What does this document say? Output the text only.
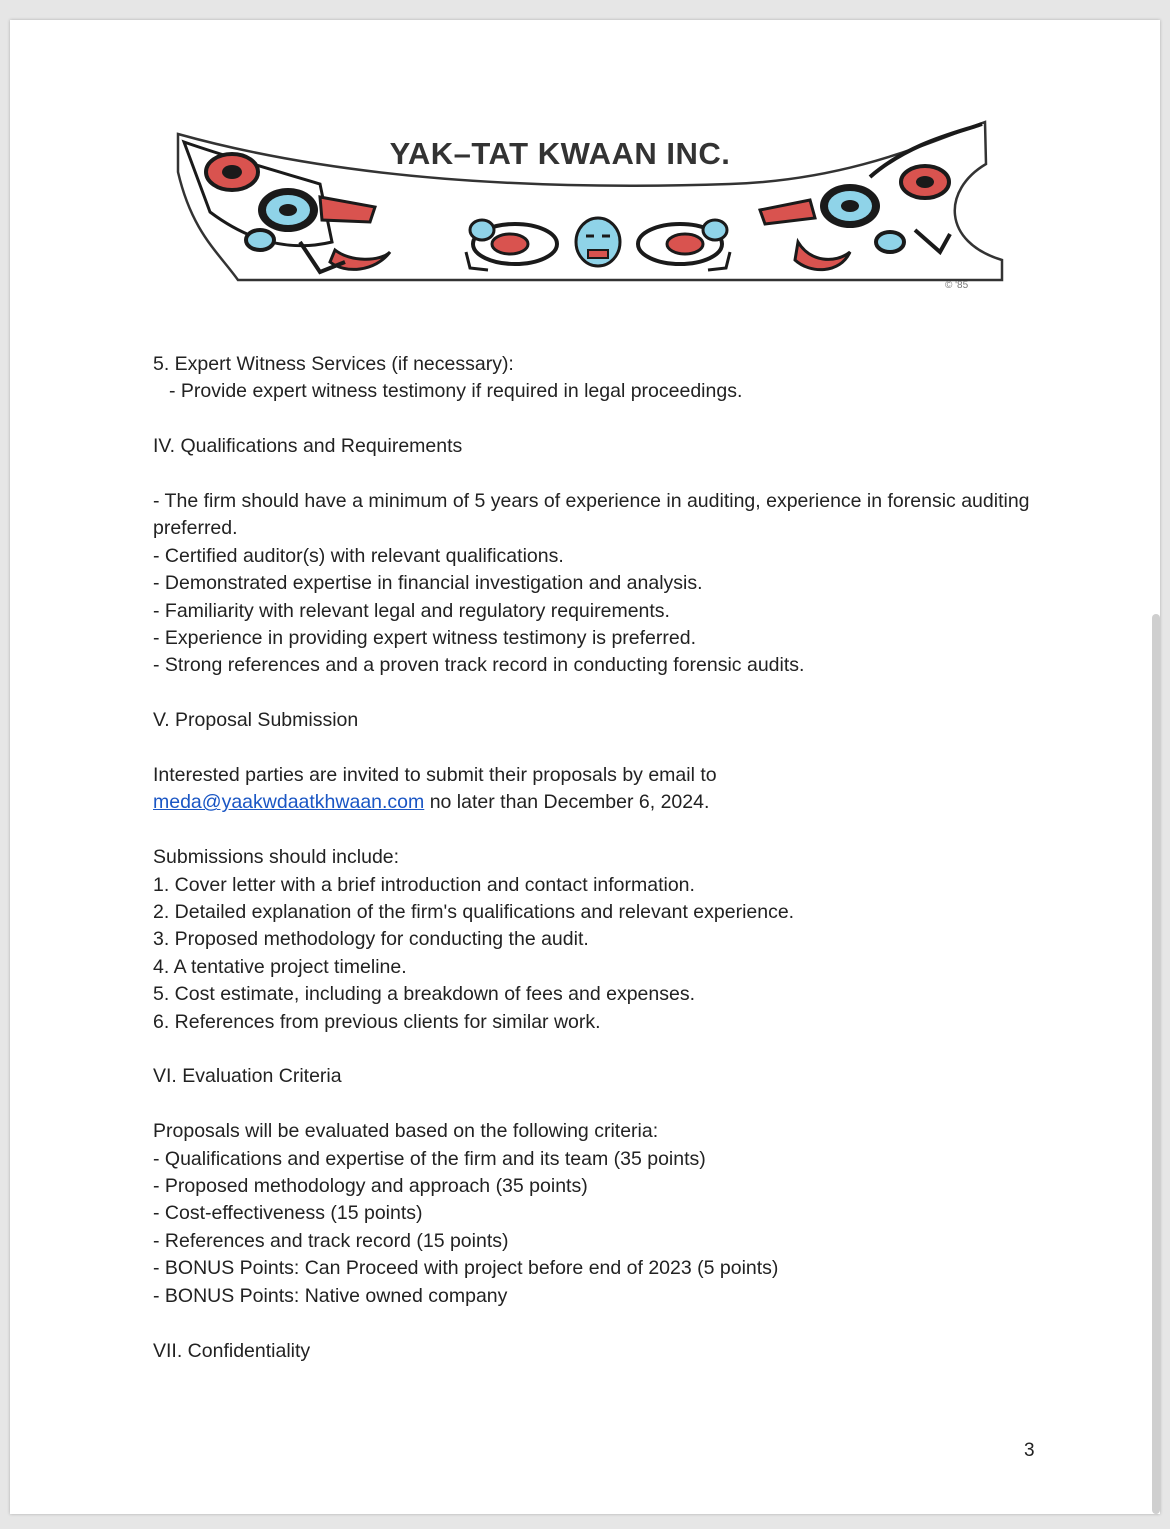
YAK–TAT KWAAN INC.
© '85
5. Expert Witness Services (if necessary):
- Provide expert witness testimony if required in legal proceedings.
IV. Qualifications and Requirements
- The firm should have a minimum of 5 years of experience in auditing, experience in forensic auditing preferred.
- Certified auditor(s) with relevant qualifications.
- Demonstrated expertise in financial investigation and analysis.
- Familiarity with relevant legal and regulatory requirements.
- Experience in providing expert witness testimony is preferred.
- Strong references and a proven track record in conducting forensic audits.
V. Proposal Submission
Interested parties are invited to submit their proposals by email to
meda@yaakwdaatkhwaan.com no later than December 6, 2024.
Submissions should include:
1. Cover letter with a brief introduction and contact information.
2. Detailed explanation of the firm's qualifications and relevant experience.
3. Proposed methodology for conducting the audit.
4. A tentative project timeline.
5. Cost estimate, including a breakdown of fees and expenses.
6. References from previous clients for similar work.
VI. Evaluation Criteria
Proposals will be evaluated based on the following criteria:
- Qualifications and expertise of the firm and its team (35 points)
- Proposed methodology and approach (35 points)
- Cost-effectiveness (15 points)
- References and track record (15 points)
- BONUS Points: Can Proceed with project before end of 2023 (5 points)
- BONUS Points: Native owned company
VII. Confidentiality
3
